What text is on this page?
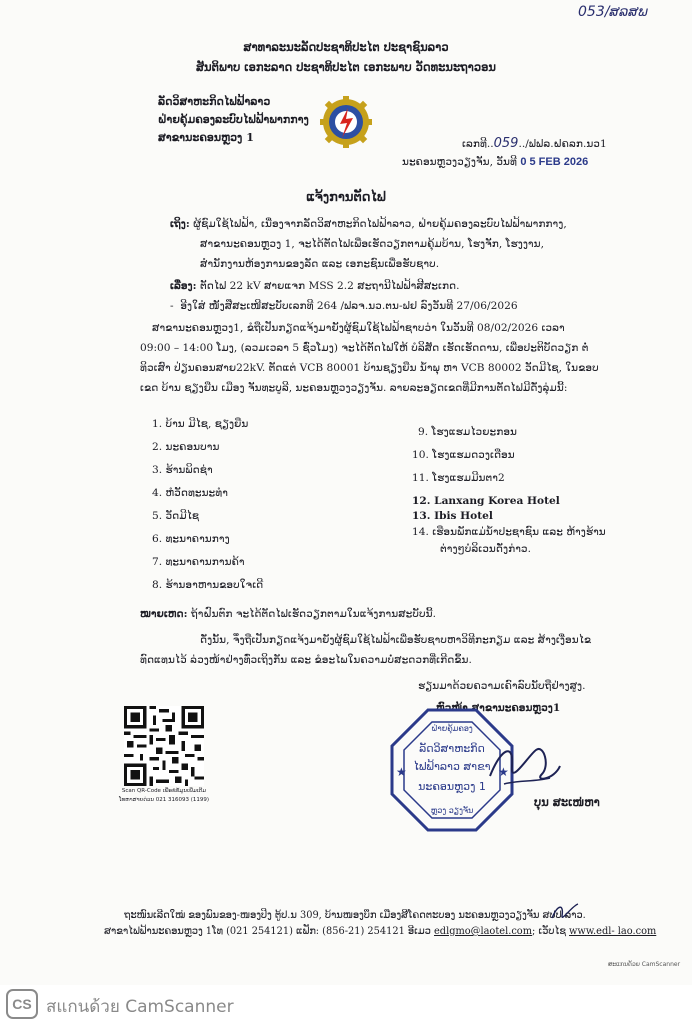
053/ສລສພ
ສາທາລະນະລັດປະຊາທິປະໄຕ ປະຊາຊົນລາວ
ສັນຕິພາບ ເອກະລາດ ປະຊາທິປະໄຕ ເອກະພາບ ວັດທະນະຖາວອນ
ລັດວິສາຫະກິດໄຟຟ້າລາວ
ຝ່າຍຄຸ້ມຄອງລະບົບໄຟຟ້າພາກກາງ
ສາຂານະຄອນຫຼວງ 1	ເລກທີ..059../ຟຟລ.ຝຄລກ.ນວ1
ນະຄອນຫຼວງວຽງຈັນ, ວັນທີ 0 5 FEB 2026
ແຈ້ງການຕັດໄຟ
ເຖິງ: ຜູ້ຊົມໃຊ້ໄຟຟ້າ, ເນື່ອງຈາກລັດວິສາຫະກິດໄຟຟ້າລາວ, ຝ່າຍຄຸ້ມຄອງລະບົບໄຟຟ້າພາກກາງ,
ສາຂານະຄອນຫຼວງ 1, ຈະໄດ້ຕັດໄຟເພື່ອເຮັດວຽກຕາມຄຸ້ມບ້ານ, ໂຮງຈັກ, ໂຮງງານ,
ສຳນັກງານຫ້ອງການຂອງລັດ ແລະ ເອກະຊົນເພື່ອຮັບຊາບ.
ເລື່ອງ: ຕັດໄຟ 22 kV ສາຍແຈກ MSS 2.2 ສະຖານີໄຟຟ້າສີສະເກດ.
-  ອີງໃສ່ ໜັງສືສະເໜີສະບັບເລກທີ 264 /ຟລຈ.ນວ.ຕນ-ຟຢ ລົງວັນທີ 27/06/2026
ສາຂານະຄອນຫຼວງ1, ຂໍຖືເປັນກຽດແຈ້ງມາຍັງຜູ້ຊົມໃຊ້ໄຟຟ້າຊາບວ່າ ໃນວັນທີ 08/02/2026 ເວລາ
09:00 – 14:00 ໂມງ, (ລວມເວລາ 5 ຊົ່ວໂມງ) ຈະໄດ້ຕັດໄຟໃຫ້ ບໍລິສັດ ເຮັດເຮັດດານ, ເພື່ອປະຕິບັດວຽກ ຕໍ່
ທິວເສົາ ປ່ຽນຄອນສາຍ22kV. ຕັດແຕ່ VCB 80001 ບ້ານຊຽງຍືນ ນ້ຳພຸ ຫາ VCB 80002 ວັດມີໄຊ, ໃນຂອບ
ເຂດ ບ້ານ ຊຽງຍືນ ເມືອງ ຈັນທະບູລີ, ນະຄອນຫຼວງວຽງຈັນ. ລາຍລະອຽດເຂດທີ່ມີການຕັດໄຟມີດັ່ງລຸ່ມນີ້:
1. ບ້ານ ມີໄຊ, ຊຽງຍືນ
2. ນະຄອນບານ
3. ຮ້ານພິດຊ່າ
4. ຫໍວັດທະນະທຳ
5. ວັດມີໄຊ
6. ທະນາຄານກາງ
7. ທະນາຄານການຄ້າ
8. ຮ້ານອາຫານຂອບໃຈເດີ
9. ໂຮງແຮມໄວຍະກອນ
10. ໂຮງແຮມດວງເດືອນ
11. ໂຮງແຮມມີນຕາ2
12. Lanxang Korea Hotel
13. Ibis Hotel
14. ເຮືອນພັກແມ່ນ້ຳປະຊາຊົນ ແລະ ຫ້າງຮ້ານ
ຕ່າງໆບໍລິເວນດັ່ງກ່າວ.
ໝາຍເຫດ: ຖ້າຝົນຕົກ ຈະໄດ້ຕັດໄຟເຮັດວຽກຕາມໃນແຈ້ງການສະບັບນີ້.
ດັ່ງນັ້ນ, ຈຶ່ງຖືເປັນກຽດແຈ້ງມາຍັງຜູ້ຊົມໃຊ້ໄຟຟ້າເພື່ອຮັບຊາບຫາວິທີກະກຽມ ແລະ ສ້າງເງື່ອນໄຂ
ທົດແທນໄວ້ ລ່ວງໜ້າຢ່າງທົ່ວເຖິງກັນ ແລະ ຂໍອະໄພໃນຄວາມບໍ່ສະດວກທີ່ເກີດຂຶ້ນ.
ຮຽນມາດ້ວຍຄວາມເຄົາລົບນັບຖືຢ່າງສູງ.
ຫົວໜ້າ ສາຂານະຄອນຫຼວງ1
★	★
ຝ່າຍຄຸ້ມຄອງ
ລັດວິສາຫະກິດ
ໄຟຟ້າລາວ ສາຂາ
ນະຄອນຫຼວງ 1
ຫຼວງ ວຽງຈັນ
ບຸນ ສະເໜ່ຫາ
Scan QR-Code ເພື່ອຂໍຂໍ້ມູນເພີ່ມເຕີມ
ໂທຫາສາຍດ່ວນ 021 316093 (1199)
ຖະໜົນເລີດໃໝ່ ຂອງພົນຂອງ-ໜອງປິງ ຕູ້ປ.ນ 309, ບ້ານໜອງບຶກ ເມືອງສີໂຄດຕະບອງ ນະຄອນຫຼວງວຽງຈັນ ສປປ ລາວ.
ສາຂາໄຟຟ້ານະຄອນຫຼວງ 1ໂທ (021 254121) ແຟັກ: (856-21) 254121 ອີເມວ edlgmo@laotel.com; ເວັບໄຊ www.edl- lao.com
ສະແກນດ້ວຍ CamScanner
CS สแกนด้วย CamScanner
